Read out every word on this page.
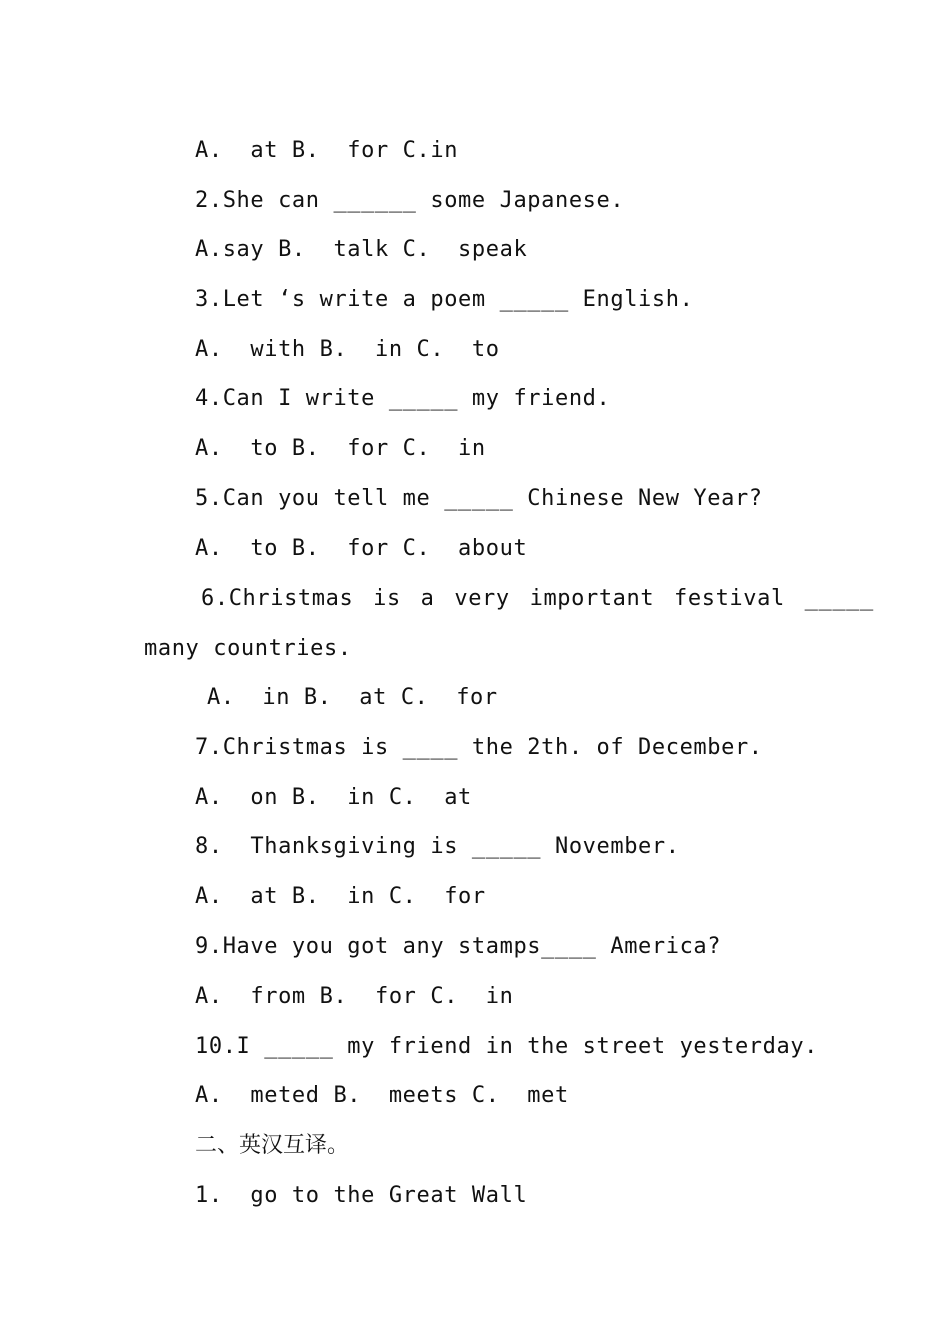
A.  at B.  for C.in
2.She can ______ some Japanese.
A.say B.  talk C.  speak
3.Let ‘s write a poem _____ English.
A.  with B.  in C.  to
4.Can I write _____ my friend.
A.  to B.  for C.  in
5.Can you tell me _____ Chinese New Year?
A.  to B.  for C.  about
6.Christmas is a very important festival _____
many countries.
A.  in B.  at C.  for
7.Christmas is ____ the 2th. of December.
A.  on B.  in C.  at
8.  Thanksgiving is _____ November.
A.  at B.  in C.  for
9.Have you got any stamps____ America?
A.  from B.  for C.  in
10.I _____ my friend in the street yesterday.
A.  meted B.  meets C.  met
二、英汉互译。
1.  go to the Great Wall
